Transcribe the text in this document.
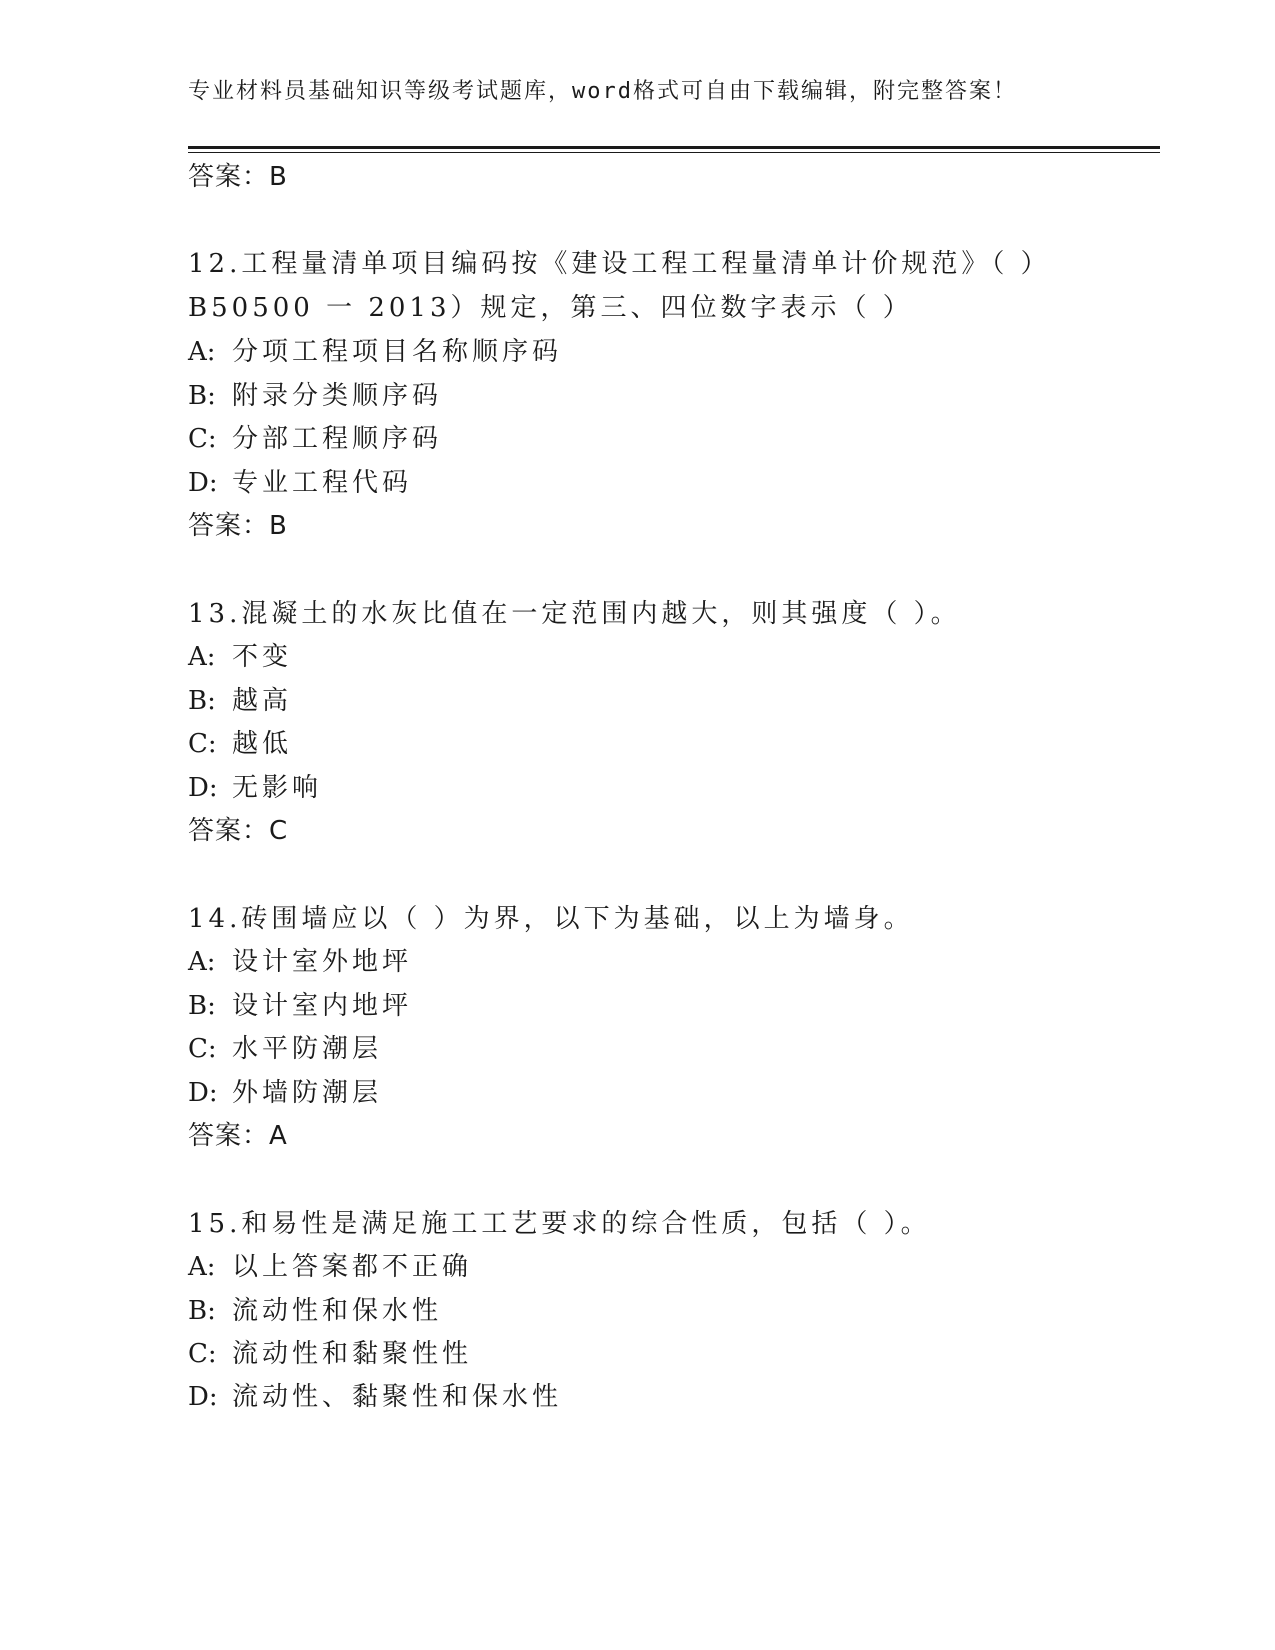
专业材料员基础知识等级考试题库，word格式可自由下载编辑，附完整答案！
答案：B
12.工程量清单项目编码按《建设工程工程量清单计价规范》（ ）
B50500 一 2013）规定，第三、四位数字表示（ ）
A: 分项工程项目名称顺序码
B: 附录分类顺序码
C: 分部工程顺序码
D: 专业工程代码
答案：B
13.混凝土的水灰比值在一定范围内越大，则其强度（ ）。
A: 不变
B: 越高
C: 越低
D: 无影响
答案：C
14.砖围墙应以（ ）为界，以下为基础，以上为墙身。
A: 设计室外地坪
B: 设计室内地坪
C: 水平防潮层
D: 外墙防潮层
答案：A
15.和易性是满足施工工艺要求的综合性质，包括（ ）。
A: 以上答案都不正确
B: 流动性和保水性
C: 流动性和黏聚性性
D: 流动性、黏聚性和保水性
